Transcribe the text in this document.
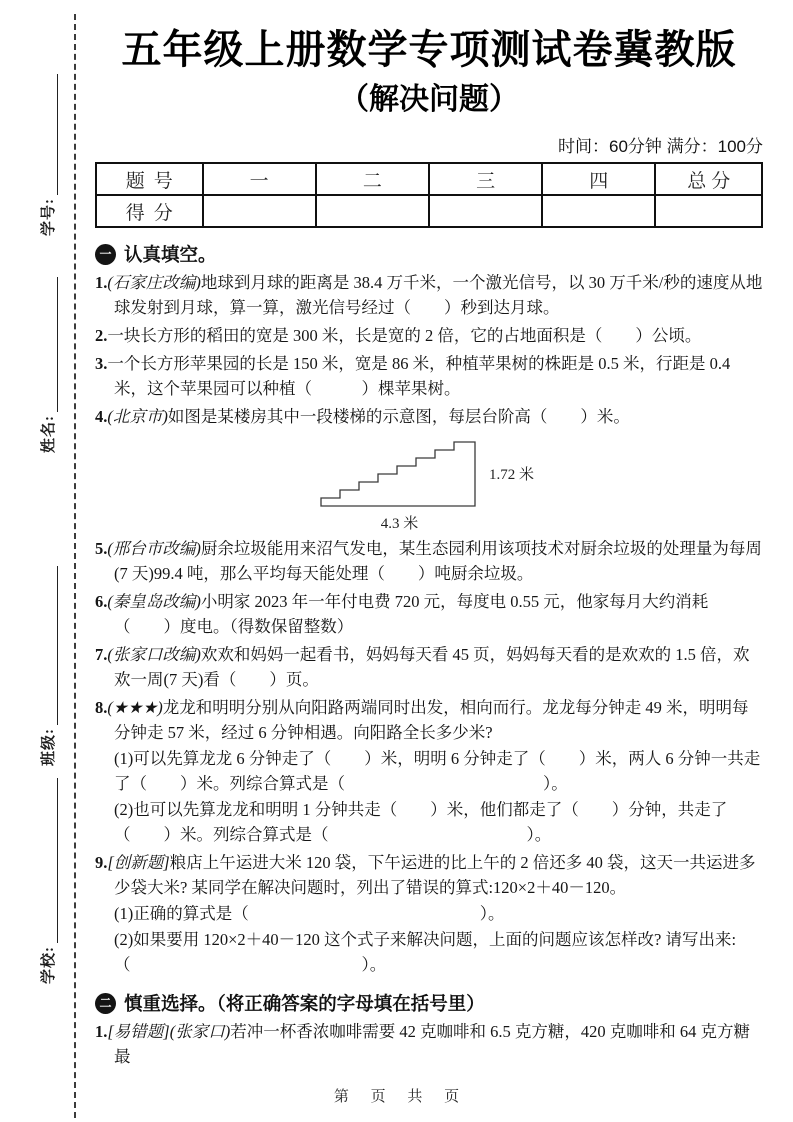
学号:
姓名:
班级:
学校:
五年级上册数学专项测试卷冀教版
（解决问题）
时间：60分钟 满分：100分
题号	一	二	三	四	总分
得分					
一 认真填空。
1.(石家庄改编)地球到月球的距离是 38.4 万千米，一个激光信号，以 30 万千米/秒的速度从地球发射到月球，算一算，激光信号经过（　　）秒到达月球。
2.一块长方形的稻田的宽是 300 米，长是宽的 2 倍，它的占地面积是（　　）公顷。
3.一个长方形苹果园的长是 150 米，宽是 86 米，种植苹果树的株距是 0.5 米，行距是 0.4 米，这个苹果园可以种植（　　　）棵苹果树。
4.(北京市)如图是某楼房其中一段楼梯的示意图，每层台阶高（　　）米。
1.72 米
4.3 米
5.(邢台市改编)厨余垃圾能用来沼气发电，某生态园利用该项技术对厨余垃圾的处理量为每周(7 天)99.4 吨，那么平均每天能处理（　　）吨厨余垃圾。
6.(秦皇岛改编)小明家 2023 年一年付电费 720 元，每度电 0.55 元，他家每月大约消耗（　　）度电。（得数保留整数）
7.(张家口改编)欢欢和妈妈一起看书，妈妈每天看 45 页，妈妈每天看的是欢欢的 1.5 倍，欢欢一周(7 天)看（　　）页。
8.(★★★)龙龙和明明分别从向阳路两端同时出发，相向而行。龙龙每分钟走 49 米，明明每分钟走 57 米，经过 6 分钟相遇。向阳路全长多少米?
(1)可以先算龙龙 6 分钟走了（　　）米，明明 6 分钟走了（　　）米，两人 6 分钟一共走了（　　）米。列综合算式是（　　　　　　　　　　　　）。
(2)也可以先算龙龙和明明 1 分钟共走（　　）米，他们都走了（　　）分钟，共走了（　　）米。列综合算式是（　　　　　　　　　　　　）。
9.[创新题]粮店上午运进大米 120 袋，下午运进的比上午的 2 倍还多 40 袋，这天一共运进多少袋大米? 某同学在解决问题时，列出了错误的算式:120×2＋40－120。
(1)正确的算式是（　　　　　　　　　　　　　　）。
(2)如果要用 120×2＋40－120 这个式子来解决问题，上面的问题应该怎样改? 请写出来:（　　　　　　　　　　　　　　）。
二 慎重选择。（将正确答案的字母填在括号里）
1.[易错题](张家口)若冲一杯香浓咖啡需要 42 克咖啡和 6.5 克方糖，420 克咖啡和 64 克方糖最
第 页 共 页
